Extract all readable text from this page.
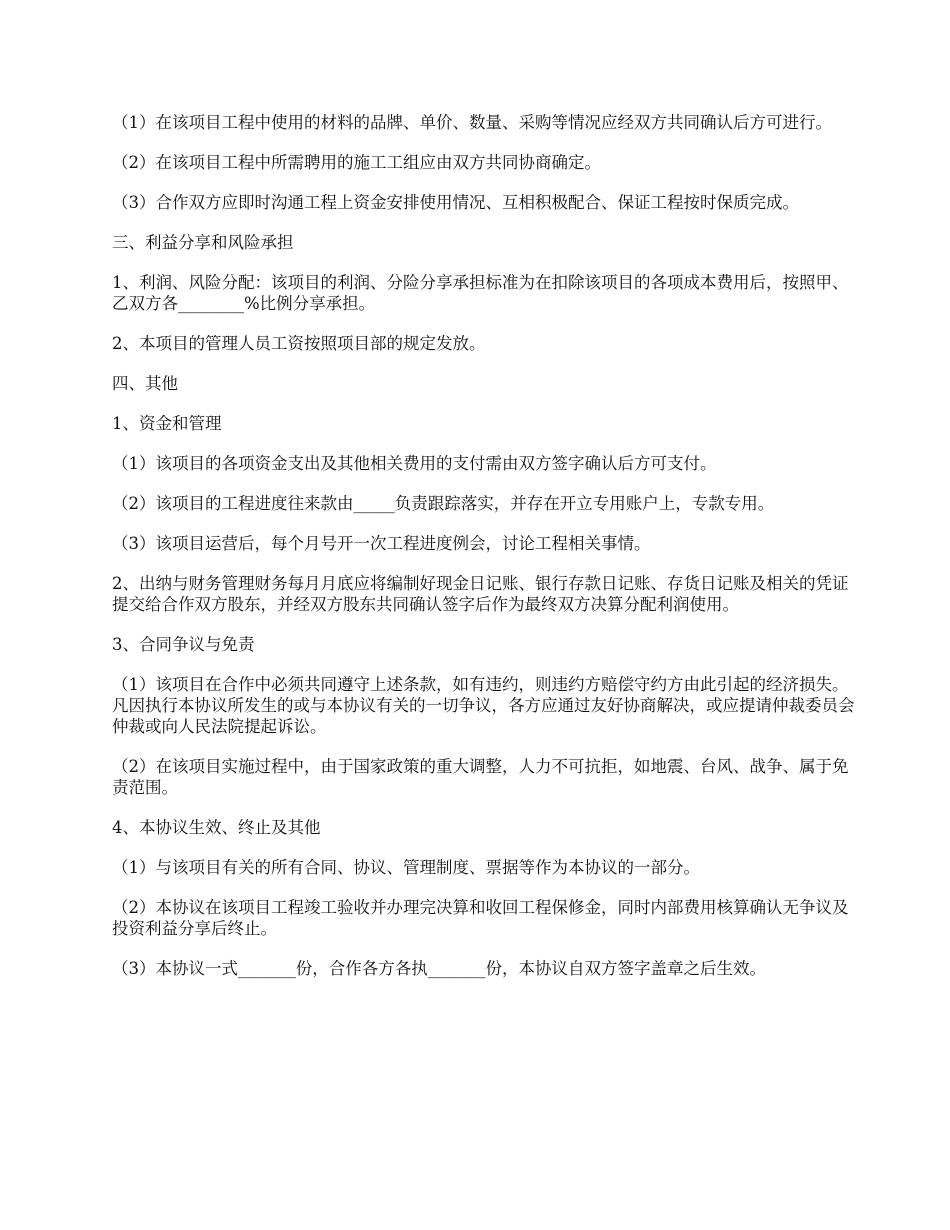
（1）在该项目工程中使用的材料的品牌、单价、数量、采购等情况应经双方共同确认后方可进行。

（2）在该项目工程中所需聘用的施工工组应由双方共同协商确定。

（3）合作双方应即时沟通工程上资金安排使用情况、互相积极配合、保证工程按时保质完成。

三、利益分享和风险承担

1、利润、风险分配：该项目的利润、分险分享承担标准为在扣除该项目的各项成本费用后，按照甲、乙双方各________%比例分享承担。

2、本项目的管理人员工资按照项目部的规定发放。

四、其他

1、资金和管理

（1）该项目的各项资金支出及其他相关费用的支付需由双方签字确认后方可支付。

（2）该项目的工程进度往来款由_____负责跟踪落实，并存在开立专用账户上，专款专用。

（3）该项目运营后，每个月号开一次工程进度例会，讨论工程相关事情。

2、出纳与财务管理财务每月月底应将编制好现金日记账、银行存款日记账、存货日记账及相关的凭证提交给合作双方股东，并经双方股东共同确认签字后作为最终双方决算分配利润使用。

3、合同争议与免责

（1）该项目在合作中必须共同遵守上述条款，如有违约，则违约方赔偿守约方由此引起的经济损失。凡因执行本协议所发生的或与本协议有关的一切争议，各方应通过友好协商解决，或应提请仲裁委员会仲裁或向人民法院提起诉讼。

（2）在该项目实施过程中，由于国家政策的重大调整，人力不可抗拒，如地震、台风、战争、属于免责范围。

4、本协议生效、终止及其他

（1）与该项目有关的所有合同、协议、管理制度、票据等作为本协议的一部分。

（2）本协议在该项目工程竣工验收并办理完决算和收回工程保修金，同时内部费用核算确认无争议及投资利益分享后终止。

（3）本协议一式_______份，合作各方各执_______份，本协议自双方签字盖章之后生效。
